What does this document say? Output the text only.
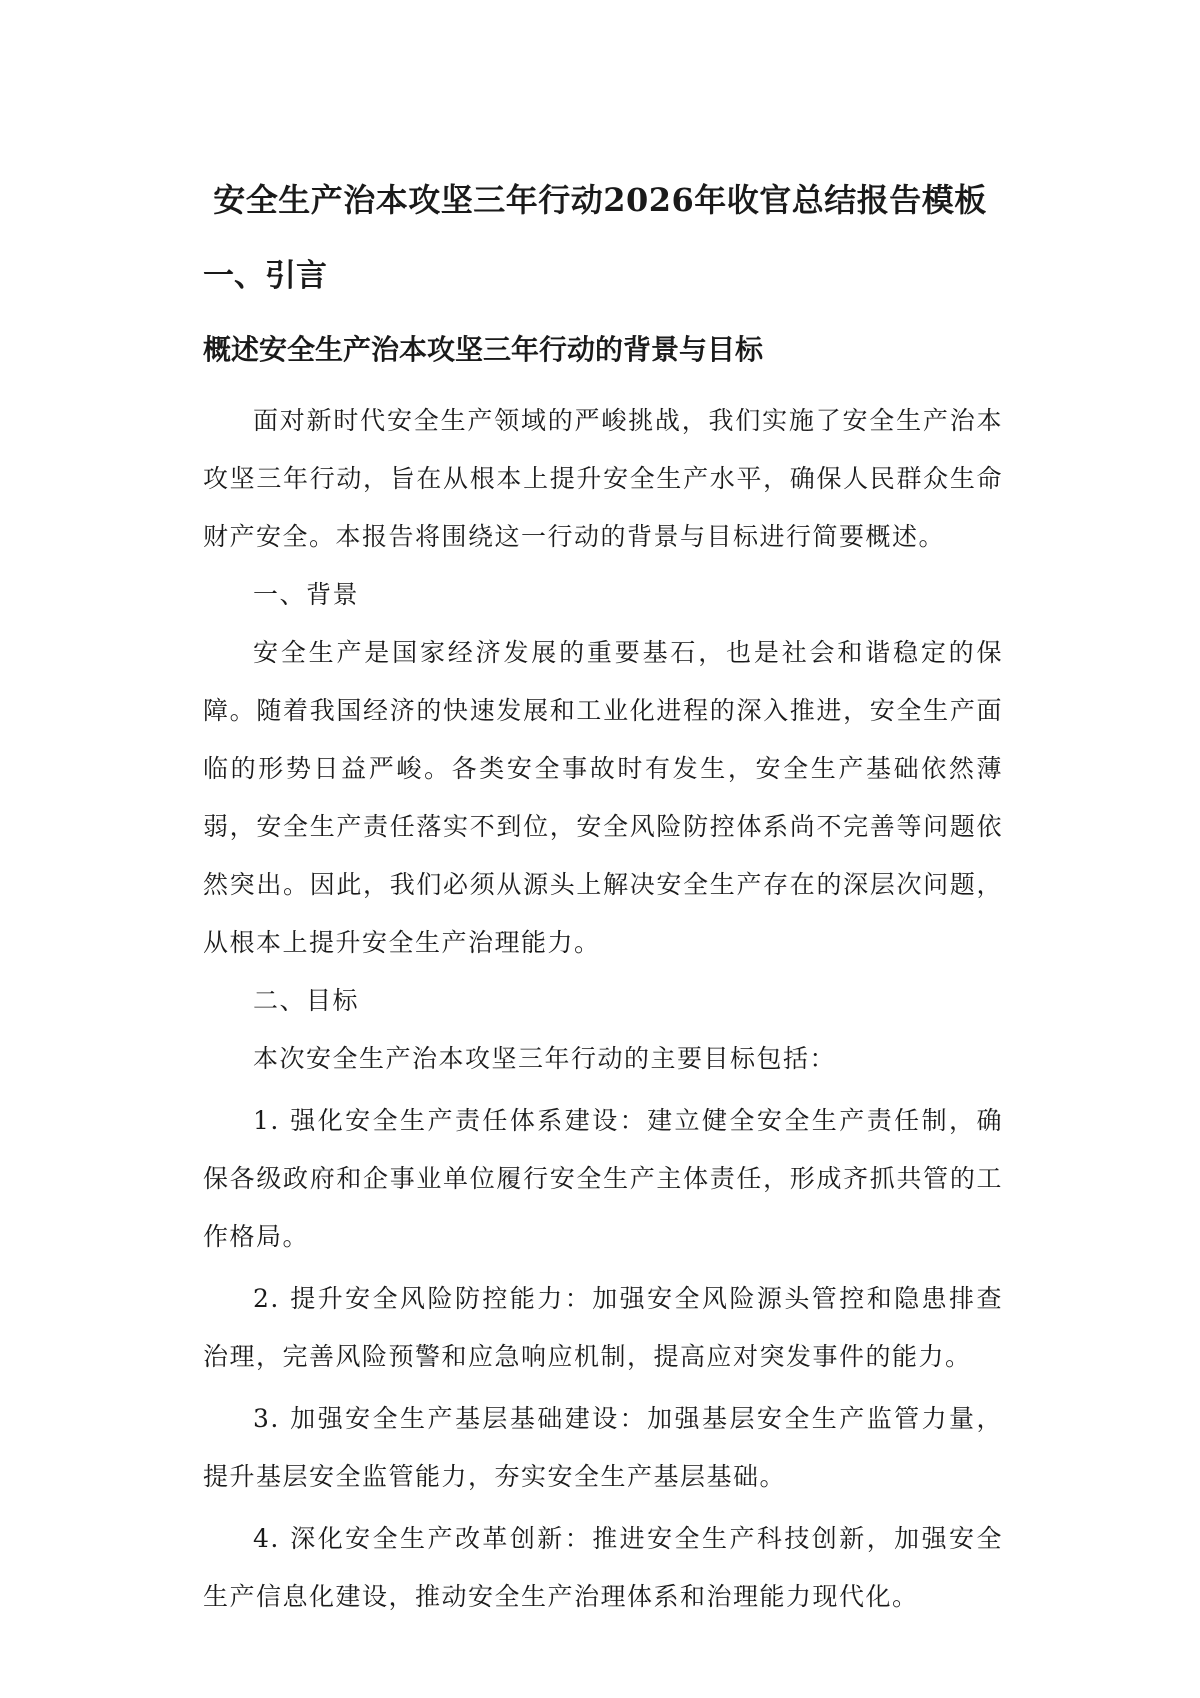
安全生产治本攻坚三年行动2026年收官总结报告模板
一、引言
概述安全生产治本攻坚三年行动的背景与目标

面对新时代安全生产领域的严峻挑战，我们实施了安全生产治本攻坚三年行动，旨在从根本上提升安全生产水平，确保人民群众生命财产安全。本报告将围绕这一行动的背景与目标进行简要概述。

一、背景

安全生产是国家经济发展的重要基石，也是社会和谐稳定的保障。随着我国经济的快速发展和工业化进程的深入推进，安全生产面临的形势日益严峻。各类安全事故时有发生，安全生产基础依然薄弱，安全生产责任落实不到位，安全风险防控体系尚不完善等问题依然突出。因此，我们必须从源头上解决安全生产存在的深层次问题，从根本上提升安全生产治理能力。

二、目标

本次安全生产治本攻坚三年行动的主要目标包括：

1. 强化安全生产责任体系建设：建立健全安全生产责任制，确保各级政府和企事业单位履行安全生产主体责任，形成齐抓共管的工作格局。

2. 提升安全风险防控能力：加强安全风险源头管控和隐患排查治理，完善风险预警和应急响应机制，提高应对突发事件的能力。

3. 加强安全生产基层基础建设：加强基层安全生产监管力量，提升基层安全监管能力，夯实安全生产基层基础。

4. 深化安全生产改革创新：推进安全生产科技创新，加强安全生产信息化建设，推动安全生产治理体系和治理能力现代化。
